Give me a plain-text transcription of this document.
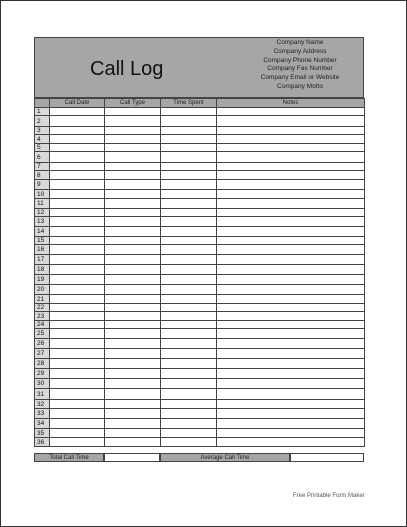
Call Log
Company Name
Company Address
Company Phone Number
Company Fax Number
Company Email or Website
Company Motto
	Call Date	Call Type	Time Spent	Notes
1				
2				
3				
4				
5				
6				
7				
8				
9				
10				
11				
12				
13				
14				
15				
16				
17				
18				
19				
20				
21				
22				
23				
24				
25				
26				
27				
28				
29				
30				
31				
32				
33				
34				
35				
36				
Total Call Time	Average Call Time
Free Printable Form Maker
